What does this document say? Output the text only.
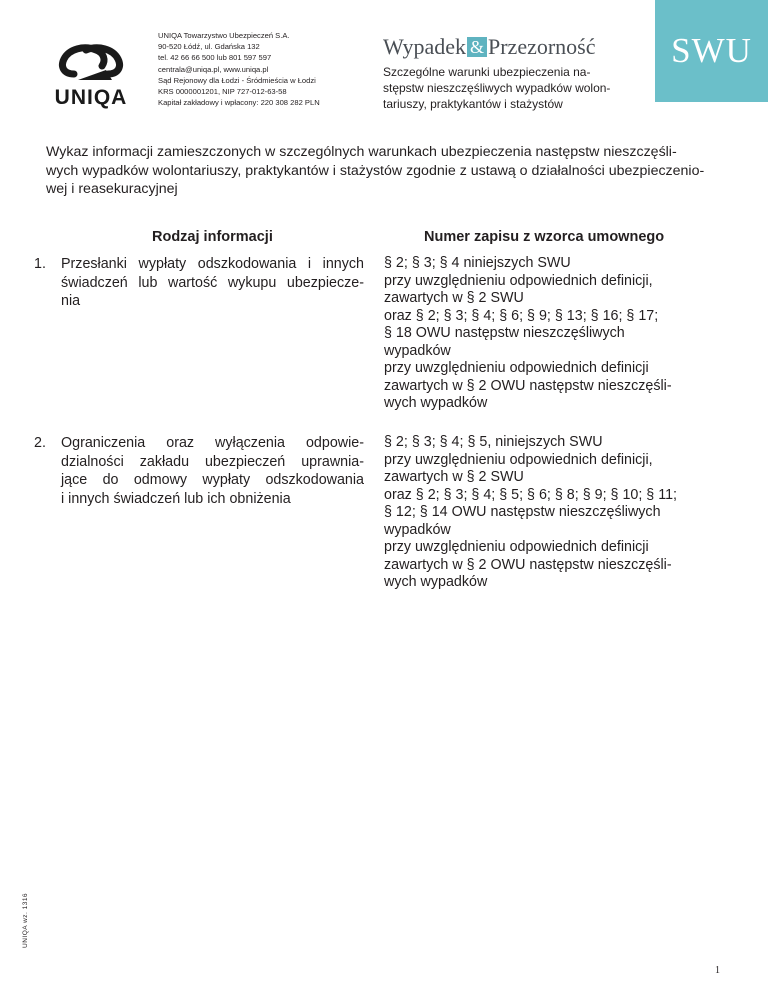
UNIQA
UNIQA Towarzystwo Ubezpieczeń S.A.
90-520 Łódź, ul. Gdańska 132
tel. 42 66 66 500 lub 801 597 597
centrala@uniqa.pl, www.uniqa.pl
Sąd Rejonowy dla Łodzi - Śródmieścia w Łodzi
KRS 0000001201, NIP 727-012-63-58
Kapitał zakładowy i wpłacony: 220 308 282 PLN
Wypadek & Przezorność
Szczególne warunki ubezpieczenia na-
stępstw nieszczęśliwych wypadków wolon-
tariuszy, praktykantów i stażystów
SWU
Wykaz informacji zamieszczonych w szczególnych warunkach ubezpieczenia następstw nieszczęśli-
wych wypadków wolontariuszy, praktykantów i stażystów zgodnie z ustawą o działalności ubezpieczenio-
wej i reasekuracyjnej
Rodzaj informacji	Numer zapisu z wzorca umownego
1. Przesłanki wypłaty odszkodowania i innych
świadczeń lub wartość wykupu ubezpiecze-
nia
§ 2; § 3; § 4 niniejszych SWU
przy uwzględnieniu odpowiednich definicji,
zawartych w § 2 SWU
oraz § 2; § 3; § 4; § 6; § 9; § 13; § 16; § 17;
§ 18 OWU następstw nieszczęśliwych
wypadków
przy uwzględnieniu odpowiednich definicji
zawartych w § 2 OWU następstw nieszczęśli-
wych wypadków
2. Ograniczenia oraz wyłączenia odpowie-
dzialności zakładu ubezpieczeń uprawnia-
jące do odmowy wypłaty odszkodowania
i innych świadczeń lub ich obniżenia
§ 2; § 3; § 4; § 5, niniejszych SWU
przy uwzględnieniu odpowiednich definicji,
zawartych w § 2 SWU
oraz § 2; § 3; § 4; § 5; § 6; § 8; § 9; § 10; § 11;
§ 12; § 14 OWU następstw nieszczęśliwych
wypadków
przy uwzględnieniu odpowiednich definicji
zawartych w § 2 OWU następstw nieszczęśli-
wych wypadków
UNIQA wz. 1316
1
